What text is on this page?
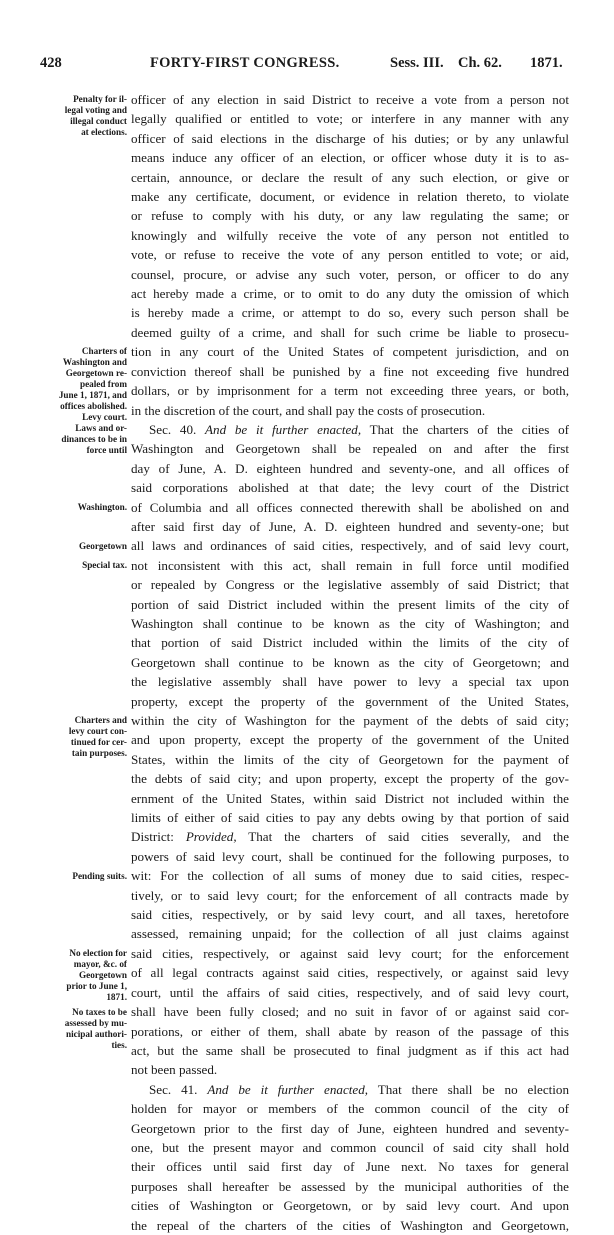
428	FORTY-FIRST CONGRESS.	Sess. III. Ch. 62. 1871.
Penalty for il-
legal voting and
illegal conduct
at elections.
Charters of
Washington and
Georgetown re-
pealed from
June 1, 1871, and
offices abolished.
Levy court.
Laws and or-
dinances to be in
force until
Washington.
Georgetown
Special tax.
Charters and
levy court con-
tinued for cer-
tain purposes.
Pending suits.
No election for
mayor, &c. of
Georgetown
prior to June 1,
1871.
No taxes to be
assessed by mu-
nicipal authori-
ties.
officer of any election in said District to receive a vote from a person not
legally qualified or entitled to vote; or interfere in any manner with any
officer of said elections in the discharge of his duties; or by any unlawful
means induce any officer of an election, or officer whose duty it is to as-
certain, announce, or declare the result of any such election, or give or
make any certificate, document, or evidence in relation thereto, to violate
or refuse to comply with his duty, or any law regulating the same; or
knowingly and wilfully receive the vote of any person not entitled to
vote, or refuse to receive the vote of any person entitled to vote; or aid,
counsel, procure, or advise any such voter, person, or officer to do any
act hereby made a crime, or to omit to do any duty the omission of which
is hereby made a crime, or attempt to do so, every such person shall be
deemed guilty of a crime, and shall for such crime be liable to prosecu-
tion in any court of the United States of competent jurisdiction, and on
conviction thereof shall be punished by a fine not exceeding five hundred
dollars, or by imprisonment for a term not exceeding three years, or both,
in the discretion of the court, and shall pay the costs of prosecution.
Sec. 40. And be it further enacted, That the charters of the cities of
Washington and Georgetown shall be repealed on and after the first
day of June, A. D. eighteen hundred and seventy-one, and all offices of
said corporations abolished at that date; the levy court of the District
of Columbia and all offices connected therewith shall be abolished on and
after said first day of June, A. D. eighteen hundred and seventy-one; but
all laws and ordinances of said cities, respectively, and of said levy court,
not inconsistent with this act, shall remain in full force until modified
or repealed by Congress or the legislative assembly of said District; that
portion of said District included within the present limits of the city of
Washington shall continue to be known as the city of Washington; and
that portion of said District included within the limits of the city of
Georgetown shall continue to be known as the city of Georgetown; and
the legislative assembly shall have power to levy a special tax upon
property, except the property of the government of the United States,
within the city of Washington for the payment of the debts of said city;
and upon property, except the property of the government of the United
States, within the limits of the city of Georgetown for the payment of
the debts of said city; and upon property, except the property of the gov-
ernment of the United States, within said District not included within the
limits of either of said cities to pay any debts owing by that portion of said
District: Provided, That the charters of said cities severally, and the
powers of said levy court, shall be continued for the following purposes, to
wit: For the collection of all sums of money due to said cities, respec-
tively, or to said levy court; for the enforcement of all contracts made by
said cities, respectively, or by said levy court, and all taxes, heretofore
assessed, remaining unpaid; for the collection of all just claims against
said cities, respectively, or against said levy court; for the enforcement
of all legal contracts against said cities, respectively, or against said levy
court, until the affairs of said cities, respectively, and of said levy court,
shall have been fully closed; and no suit in favor of or against said cor-
porations, or either of them, shall abate by reason of the passage of this
act, but the same shall be prosecuted to final judgment as if this act had
not been passed.
Sec. 41. And be it further enacted, That there shall be no election
holden for mayor or members of the common council of the city of
Georgetown prior to the first day of June, eighteen hundred and seventy-
one, but the present mayor and common council of said city shall hold
their offices until said first day of June next. No taxes for general
purposes shall hereafter be assessed by the municipal authorities of the
cities of Washington or Georgetown, or by said levy court. And upon
the repeal of the charters of the cities of Washington and Georgetown,
